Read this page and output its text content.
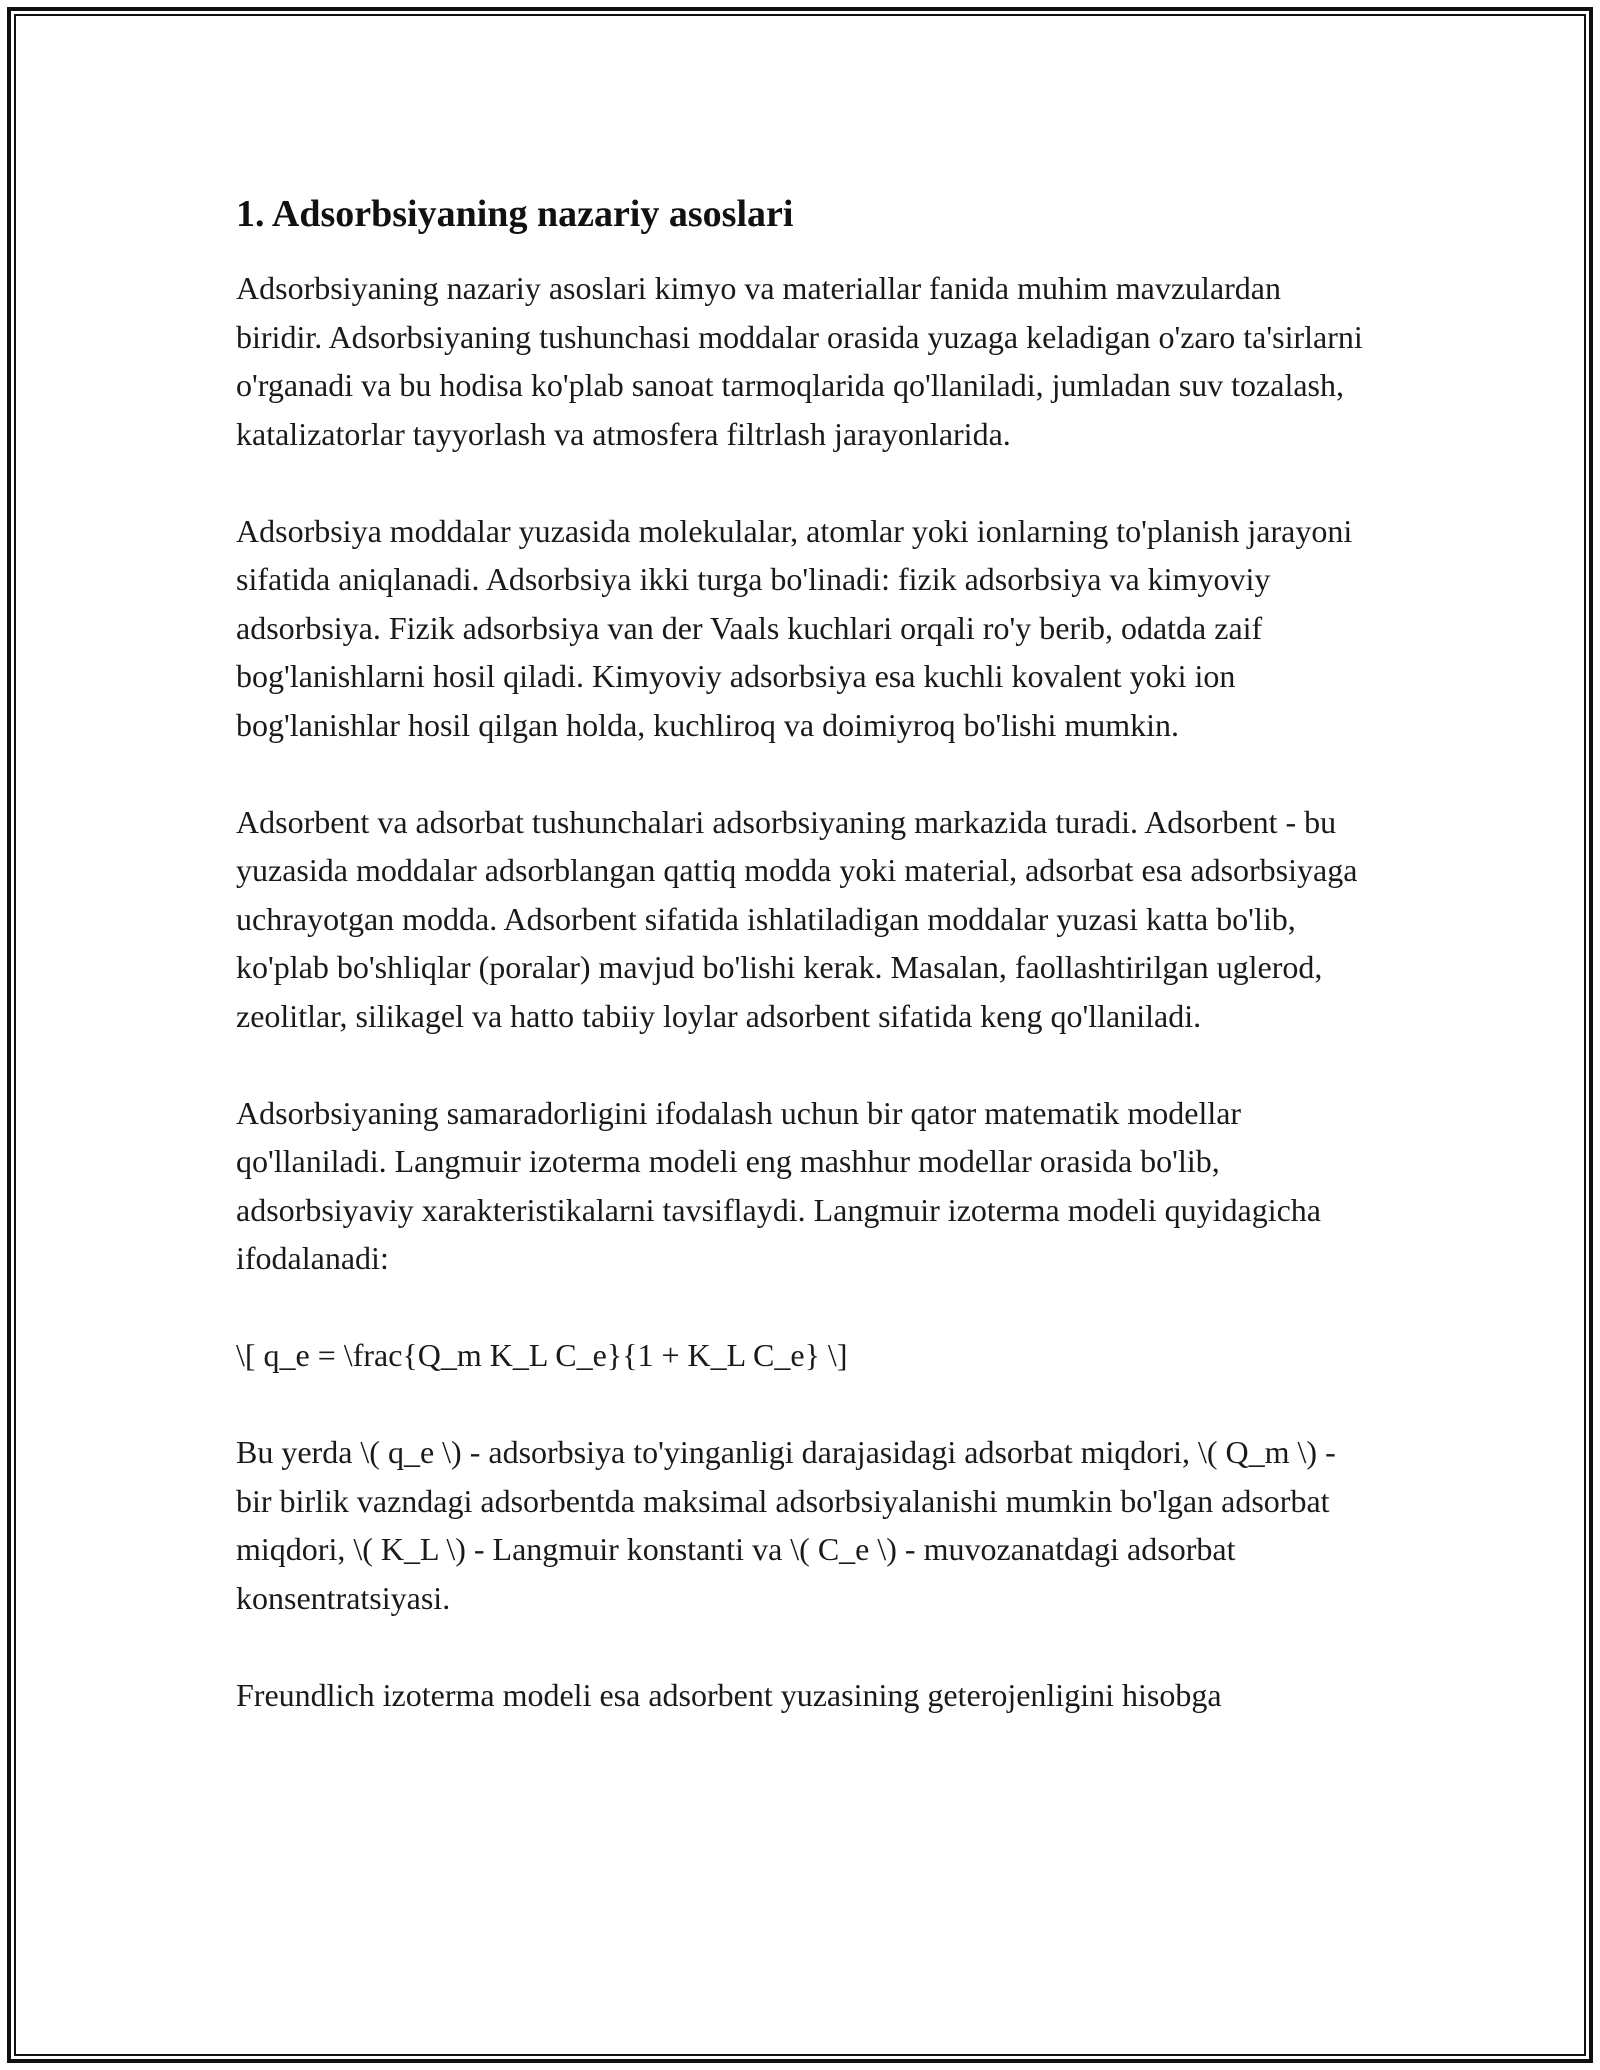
1. Adsorbsiyaning nazariy asoslari

Adsorbsiyaning nazariy asoslari kimyo va materiallar fanida muhim mavzulardan biridir. Adsorbsiyaning tushunchasi moddalar orasida yuzaga keladigan o'zaro ta'sirlarni o'rganadi va bu hodisa ko'plab sanoat tarmoqlarida qo'llaniladi, jumladan suv tozalash, katalizatorlar tayyorlash va atmosfera filtrlash jarayonlarida.

Adsorbsiya moddalar yuzasida molekulalar, atomlar yoki ionlarning to'planish jarayoni sifatida aniqlanadi. Adsorbsiya ikki turga bo'linadi: fizik adsorbsiya va kimyoviy adsorbsiya. Fizik adsorbsiya van der Vaals kuchlari orqali ro'y berib, odatda zaif bog'lanishlarni hosil qiladi. Kimyoviy adsorbsiya esa kuchli kovalent yoki ion bog'lanishlar hosil qilgan holda, kuchliroq va doimiyroq bo'lishi mumkin.

Adsorbent va adsorbat tushunchalari adsorbsiyaning markazida turadi. Adsorbent - bu yuzasida moddalar adsorblangan qattiq modda yoki material, adsorbat esa adsorbsiyaga uchrayotgan modda. Adsorbent sifatida ishlatiladigan moddalar yuzasi katta bo'lib, ko'plab bo'shliqlar (poralar) mavjud bo'lishi kerak. Masalan, faollashtirilgan uglerod, zeolitlar, silikagel va hatto tabiiy loylar adsorbent sifatida keng qo'llaniladi.

Adsorbsiyaning samaradorligini ifodalash uchun bir qator matematik modellar qo'llaniladi. Langmuir izoterma modeli eng mashhur modellar orasida bo'lib, adsorbsiyaviy xarakteristikalarni tavsiflaydi. Langmuir izoterma modeli quyidagicha ifodalanadi:

\[ q_e = \frac{Q_m K_L C_e}{1 + K_L C_e} \]

Bu yerda \( q_e \) - adsorbsiya to'yinganligi darajasidagi adsorbat miqdori, \( Q_m \) - bir birlik vazndagi adsorbentda maksimal adsorbsiyalanishi mumkin bo'lgan adsorbat miqdori, \( K_L \) - Langmuir konstanti va \( C_e \) - muvozanatdagi adsorbat konsentratsiyasi.

Freundlich izoterma modeli esa adsorbent yuzasining geterojenligini hisobga
